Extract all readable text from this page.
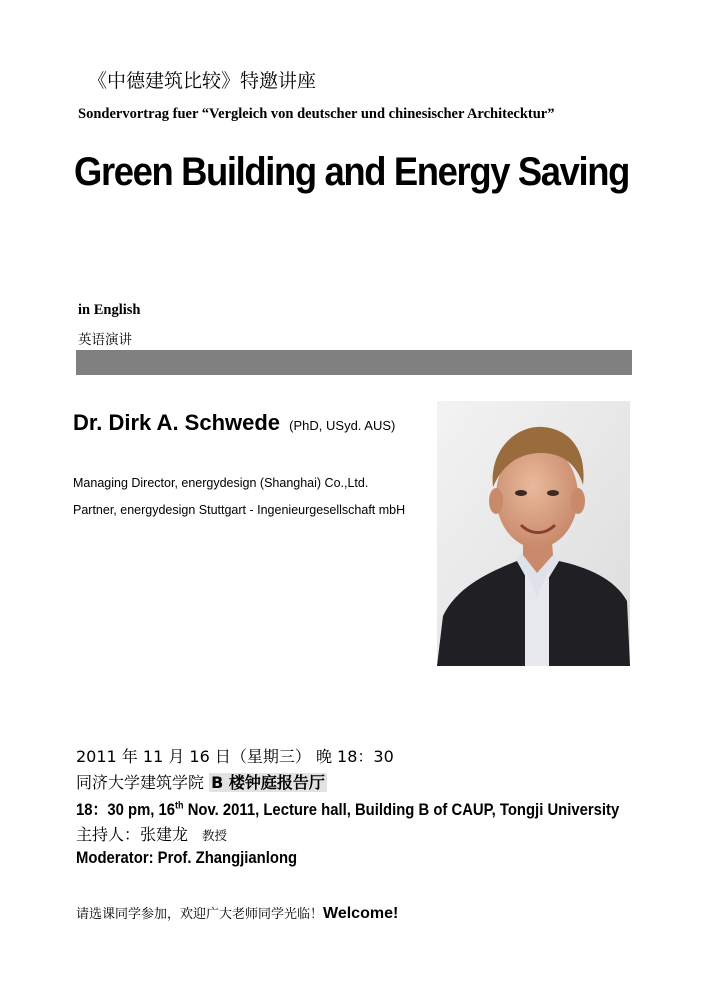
《中德建筑比较》特邀讲座
Sondervortrag fuer “Vergleich von deutscher und chinesischer Architecktur”
Green Building and Energy Saving
in English
英语演讲
Dr. Dirk A. Schwede (PhD, USyd. AUS)
Managing Director, energydesign (Shanghai) Co.,Ltd.
Partner, energydesign Stuttgart - Ingenieurgesellschaft mbH
2011 年 11 月 16 日（星期三） 晚 18：30
同济大学建筑学院 B 楼钟庭报告厅
18：30 pm, 16th Nov. 2011, Lecture hall, Building B of CAUP, Tongji University
主持人：张建龙 教授
Moderator: Prof. Zhangjianlong
请选课同学参加，欢迎广大老师同学光临！Welcome!
